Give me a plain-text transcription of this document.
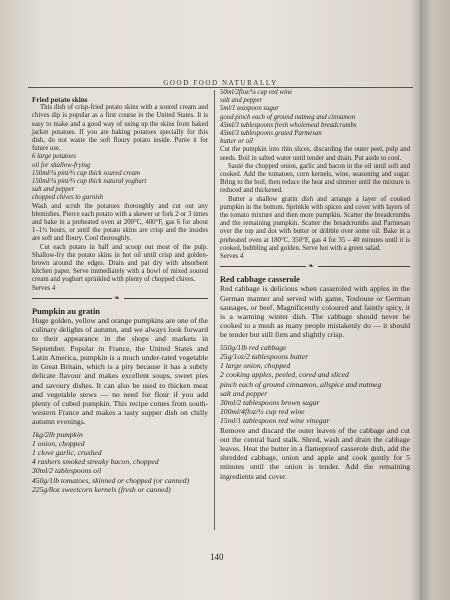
GOOD FOOD NATURALLY

Fried potato skins

This dish of crisp-fried potato skins with a soured cream and chives dip is popular as a first course in the United States. It is easy to make and a good way of using up the skins from baked jacket potatoes. If you are baking potatoes specially for this dish, do not waste the soft floury potato inside. Purée it for future use.

6 large potatoes

oil for shallow-frying

150ml/¼ pint/⅔ cup thick soured cream

150ml/¼ pint/⅔ cup thick natural yoghurt

salt and pepper

chopped chives to garnish

Wash and scrub the potatoes thoroughly and cut out any blemishes. Pierce each potato with a skewer or fork 2 or 3 times and bake in a preheated oven at 200°C, 400°F, gas 6 for about 1–1½ hours, or until the potato skins are crisp and the insides are soft and floury. Cool thoroughly.

Cut each potato in half and scoop out most of the pulp. Shallow-fry the potato skins in hot oil until crisp and golden-brown around the edges. Drain and pat dry with absorbent kitchen paper. Serve immediately with a bowl of mixed soured cream and yoghurt sprinkled with plenty of chopped chives.

Serves 4

❧

Pumpkin au gratin

Huge golden, yellow and orange pumpkins are one of the culinary delights of autumn, and we always look forward to their appearance in the shops and markets in September. Popular in France, the United States and Latin America, pumpkin is a much under-rated vegetable in Great Britain, which is a pity because it has a subtly delicate flavour and makes excellent soups, sweet pies and savoury dishes. It can also be used to thicken meat and vegetable stews — no need for flour if you add plenty of cubed pumpkin. This recipe comes from south-western France and makes a tasty supper dish on chilly autumn evenings.

1kg/2lb pumpkin

1 onion, chopped

1 clove garlic, crushed

4 rashers smoked streaky bacon, chopped

30ml/2 tablespoons oil

450g/1lb tomatoes, skinned or chopped (or canned)

225g/8oz sweetcorn kernels (fresh or canned)

50ml/2floz/¼ cup red wine

salt and pepper

5ml/1 teaspoon sugar

good pinch each of ground nutmeg and cinnamon

45ml/3 tablespoons fresh wholemeal breadcrumbs

45ml/3 tablespoons grated Parmesan

butter or oil

Cut the pumpkin into thin slices, discarding the outer peel, pulp and seeds. Boil in salted water until tender and drain. Put aside to cool.

Sauté the chopped onion, garlic and bacon in the oil until soft and cooked. Add the tomatoes, corn kernels, wine, seasoning and sugar. Bring to the boil, then reduce the heat and simmer until the mixture is reduced and thickened.

Butter a shallow gratin dish and arrange a layer of cooked pumpkin in the bottom. Sprinkle with spices and cover with layers of the tomato mixture and then more pumpkin. Scatter the breadcrumbs and the remaining pumpkin. Scatter the breadcrumbs and Parmesan over the top and dot with butter or dribble over some oil. Bake in a preheated oven at 180°C, 350°F, gas 4 for 35 – 40 minutes until it is cooked, bubbling and golden. Serve hot with a green salad.

Serves 4

❧

Red cabbage casserole

Red cabbage is delicious when casseroled with apples in the German manner and served with game, Toulouse or German sausages, or beef. Magnificently coloured and faintly spicy, it is a warming winter dish. The cabbage should never be cooked to a mush as many people mistakenly do — it should be tender but still firm and slightly crisp.

550g/1lb red cabbage

25g/1oz/2 tablespoons butter

1 large onion, chopped

2 cooking apples, peeled, cored and sliced

pinch each of ground cinnamon, allspice and nutmeg

salt and pepper

30ml/2 tablespoons brown sugar

100ml/4floz/½ cup red wine

15ml/1 tablespoon red wine vinegar

Remove and discard the outer leaves of the cabbage and cut out the central hard stalk. Shred, wash and drain the cabbage leaves. Heat the butter in a flameproof casserole dish, add the shredded cabbage, onion and apple and cook gently for 5 minutes until the onion is tender. Add the remaining ingredients and cover.

140
